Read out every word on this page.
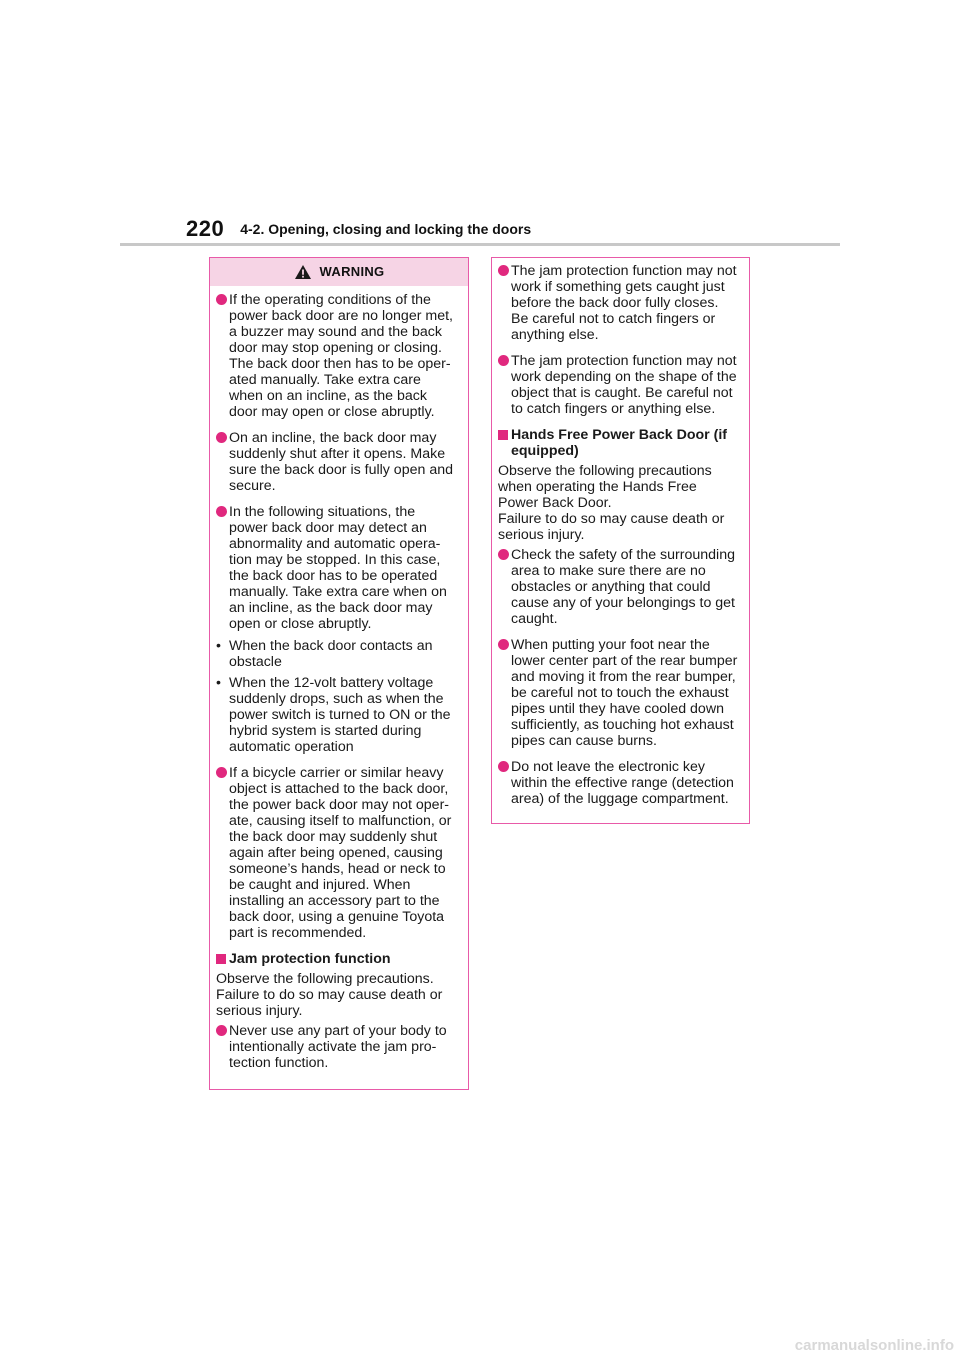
220 4-2. Opening, closing and locking the doors
WARNING
If the operating conditions of the
power back door are no longer met,
a buzzer may sound and the back
door may stop opening or closing.
The back door then has to be oper-
ated manually. Take extra care
when on an incline, as the back
door may open or close abruptly.
On an incline, the back door may
suddenly shut after it opens. Make
sure the back door is fully open and
secure.
In the following situations, the
power back door may detect an
abnormality and automatic opera-
tion may be stopped. In this case,
the back door has to be operated
manually. Take extra care when on
an incline, as the back door may
open or close abruptly.
• When the back door contacts an
obstacle
• When the 12-volt battery voltage
suddenly drops, such as when the
power switch is turned to ON or the
hybrid system is started during
automatic operation
If a bicycle carrier or similar heavy
object is attached to the back door,
the power back door may not oper-
ate, causing itself to malfunction, or
the back door may suddenly shut
again after being opened, causing
someone’s hands, head or neck to
be caught and injured. When
installing an accessory part to the
back door, using a genuine Toyota
part is recommended.
Jam protection function
Observe the following precautions.
Failure to do so may cause death or
serious injury.
Never use any part of your body to
intentionally activate the jam pro-
tection function.
The jam protection function may not
work if something gets caught just
before the back door fully closes.
Be careful not to catch fingers or
anything else.
The jam protection function may not
work depending on the shape of the
object that is caught. Be careful not
to catch fingers or anything else.
Hands Free Power Back Door (if
equipped)
Observe the following precautions
when operating the Hands Free
Power Back Door.
Failure to do so may cause death or
serious injury.
Check the safety of the surrounding
area to make sure there are no
obstacles or anything that could
cause any of your belongings to get
caught.
When putting your foot near the
lower center part of the rear bumper
and moving it from the rear bumper,
be careful not to touch the exhaust
pipes until they have cooled down
sufficiently, as touching hot exhaust
pipes can cause burns.
Do not leave the electronic key
within the effective range (detection
area) of the luggage compartment.
carmanualsonline.info
